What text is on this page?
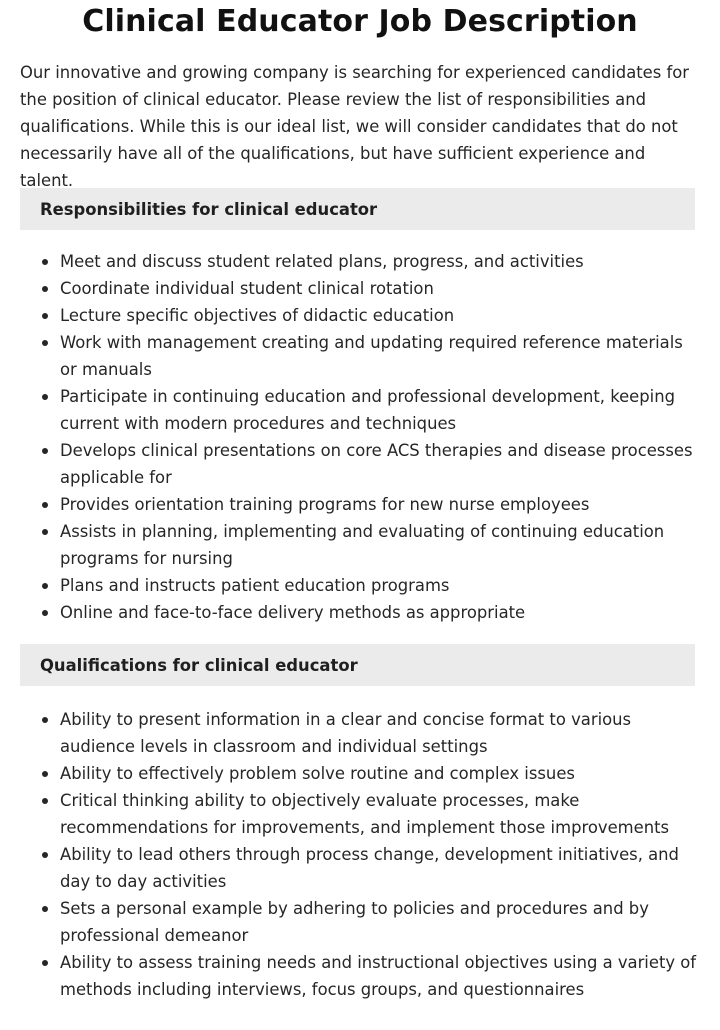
Clinical Educator Job Description

Our innovative and growing company is searching for experienced candidates for the position of clinical educator. Please review the list of responsibilities and qualifications. While this is our ideal list, we will consider candidates that do not necessarily have all of the qualifications, but have sufficient experience and talent.

Responsibilities for clinical educator
Meet and discuss student related plans, progress, and activities
Coordinate individual student clinical rotation
Lecture specific objectives of didactic education
Work with management creating and updating required reference materials or manuals
Participate in continuing education and professional development, keeping current with modern procedures and techniques
Develops clinical presentations on core ACS therapies and disease processes applicable for
Provides orientation training programs for new nurse employees
Assists in planning, implementing and evaluating of continuing education programs for nursing
Plans and instructs patient education programs
Online and face-to-face delivery methods as appropriate
Qualifications for clinical educator
Ability to present information in a clear and concise format to various audience levels in classroom and individual settings
Ability to effectively problem solve routine and complex issues
Critical thinking ability to objectively evaluate processes, make recommendations for improvements, and implement those improvements
Ability to lead others through process change, development initiatives, and day to day activities
Sets a personal example by adhering to policies and procedures and by professional demeanor
Ability to assess training needs and instructional objectives using a variety of methods including interviews, focus groups, and questionnaires
